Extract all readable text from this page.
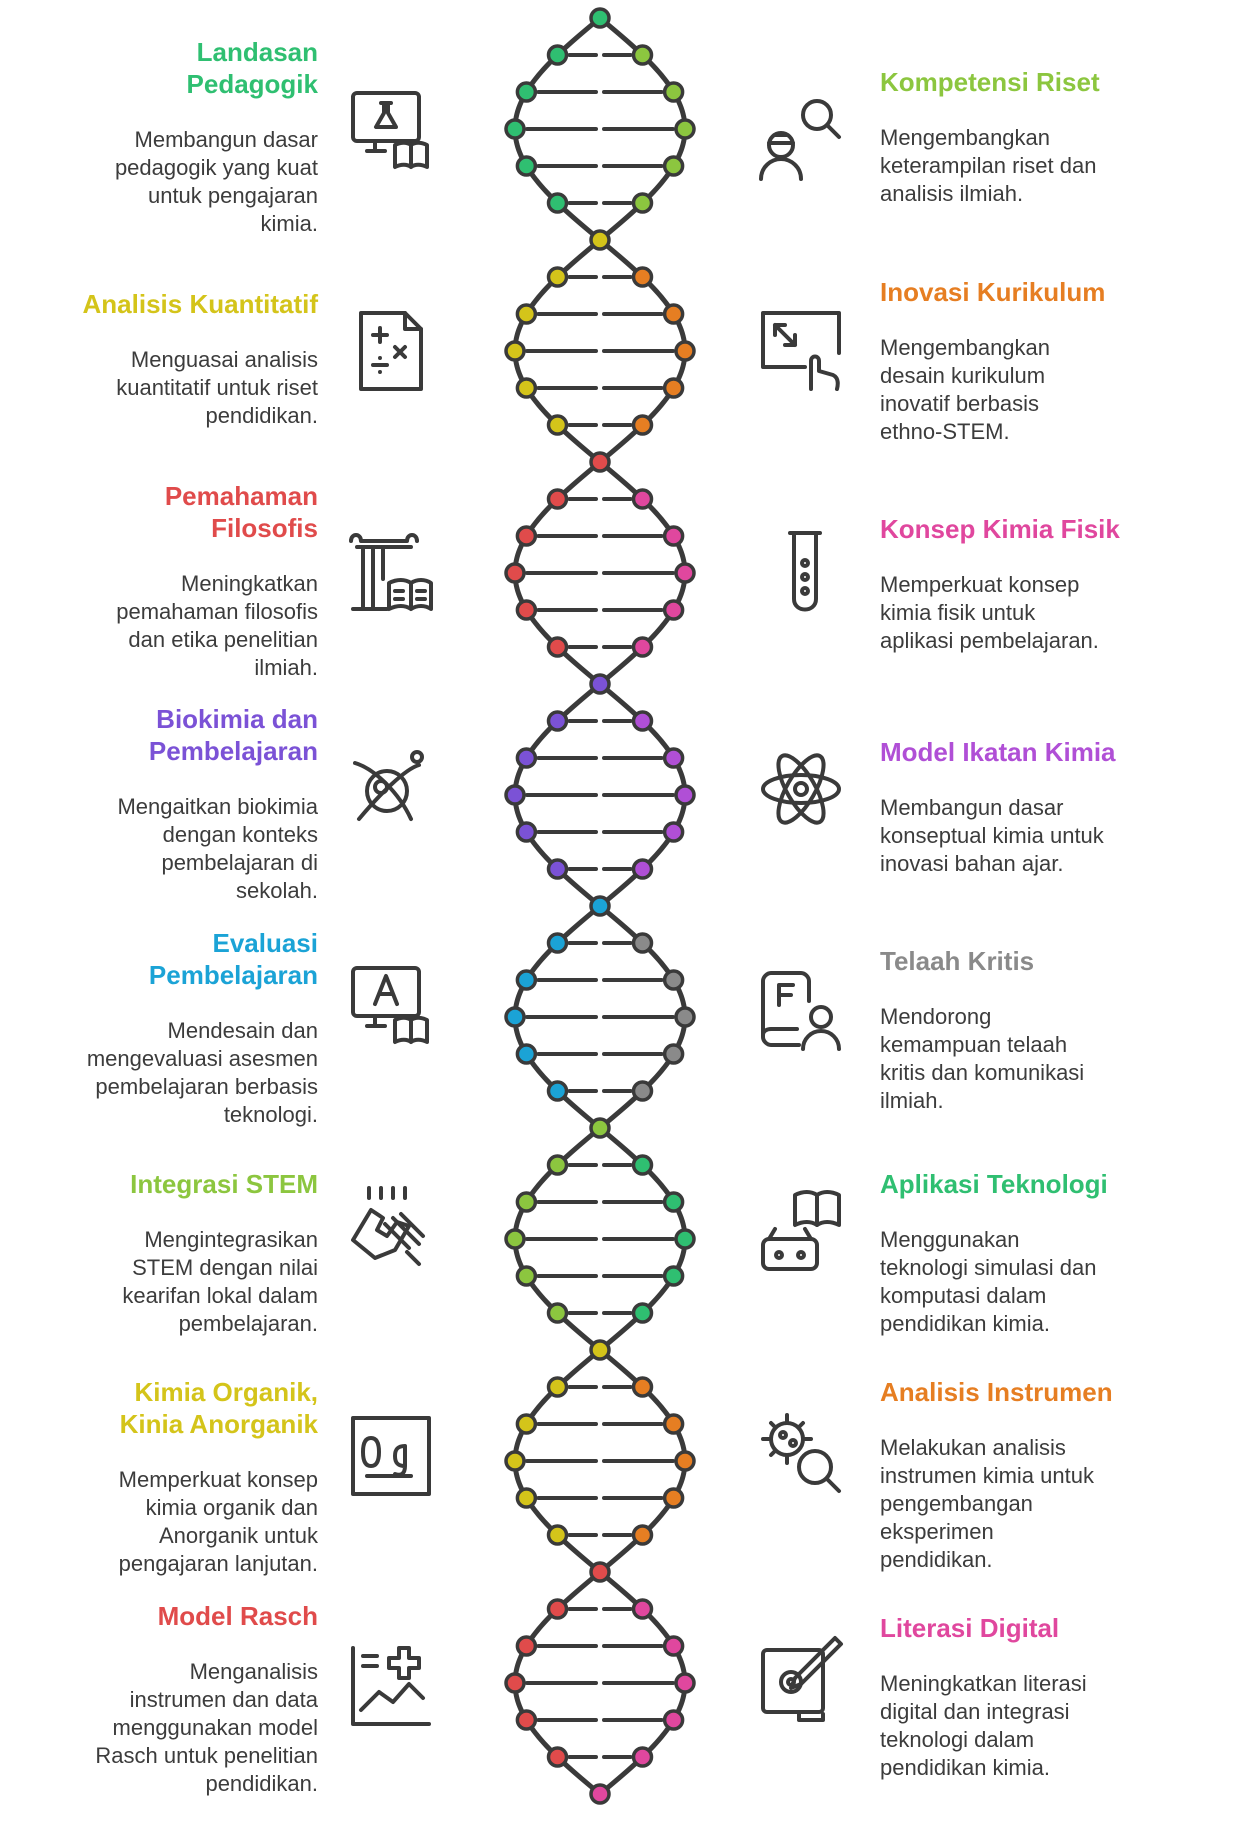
Landasan
Pedagogik

Membangun dasar
pedagogik yang kuat
untuk pengajaran
kimia.

Analisis Kuantitatif

Menguasai analisis
kuantitatif untuk riset
pendidikan.

Pemahaman
Filosofis

Meningkatkan
pemahaman filosofis
dan etika penelitian
ilmiah.

Biokimia dan
Pembelajaran

Mengaitkan biokimia
dengan konteks
pembelajaran di
sekolah.

Evaluasi
Pembelajaran

Mendesain dan
mengevaluasi asesmen
pembelajaran berbasis
teknologi.

Integrasi STEM

Mengintegrasikan
STEM dengan nilai
kearifan lokal dalam
pembelajaran.

Kimia Organik,
Kinia Anorganik

Memperkuat konsep
kimia organik dan
Anorganik untuk
pengajaran lanjutan.

Model Rasch

Menganalisis
instrumen dan data
menggunakan model
Rasch untuk penelitian
pendidikan.

Kompetensi Riset

Mengembangkan
keterampilan riset dan
analisis ilmiah.

Inovasi Kurikulum

Mengembangkan
desain kurikulum
inovatif berbasis
ethno-STEM.

Konsep Kimia Fisik

Memperkuat konsep
kimia fisik untuk
aplikasi pembelajaran.

Model Ikatan Kimia

Membangun dasar
konseptual kimia untuk
inovasi bahan ajar.

Telaah Kritis

Mendorong
kemampuan telaah
kritis dan komunikasi
ilmiah.

Aplikasi Teknologi

Menggunakan
teknologi simulasi dan
komputasi dalam
pendidikan kimia.

Analisis Instrumen

Melakukan analisis
instrumen kimia untuk
pengembangan
eksperimen
pendidikan.

Literasi Digital

Meningkatkan literasi
digital dan integrasi
teknologi dalam
pendidikan kimia.
